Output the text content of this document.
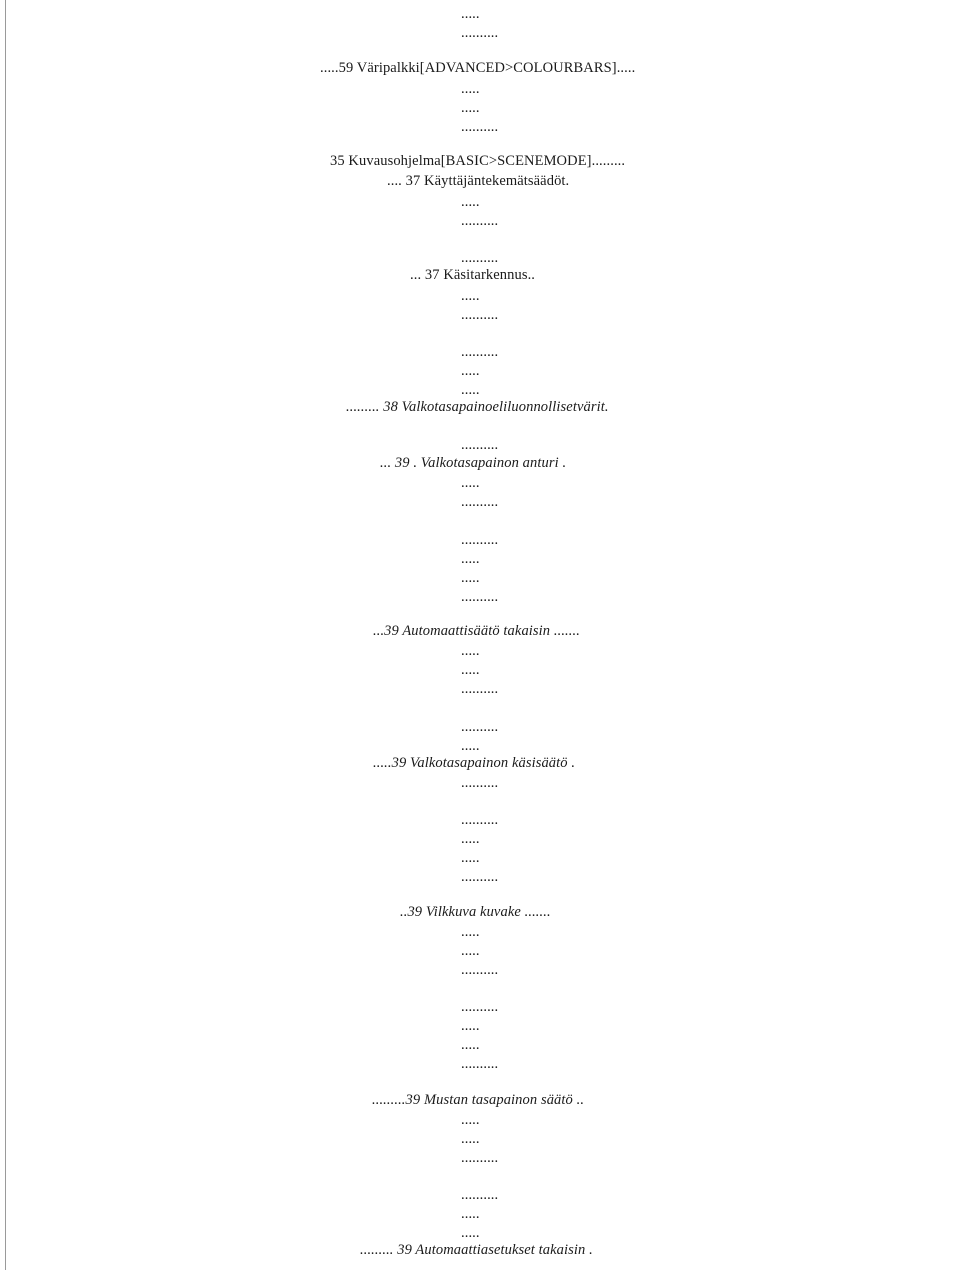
.....
..........
.....59 Väripalkki[ADVANCED>COLOURBARS].....
.....
.....
..........
35 Kuvausohjelma[BASIC>SCENEMODE].........
.... 37 Käyttäjäntekemätsäädöt.
.....
..........
..........
... 37 Käsitarkennus..
.....
..........
..........
.....
.....
......... 38 Valkotasapainoeliluonnollisetvärit.
..........
... 39 . Valkotasapainon anturi .
.....
..........
..........
.....
.....
..........
...39 Automaattisäätö takaisin .......
.....
.....
..........
..........
.....
.....39 Valkotasapainon käsisäätö .
..........
..........
.....
.....
..........
..39 Vilkkuva kuvake .......
.....
.....
..........
..........
.....
.....
..........
.........39 Mustan tasapainon säätö ..
.....
.....
..........
..........
.....
.....
......... 39 Automaattiasetukset takaisin .
